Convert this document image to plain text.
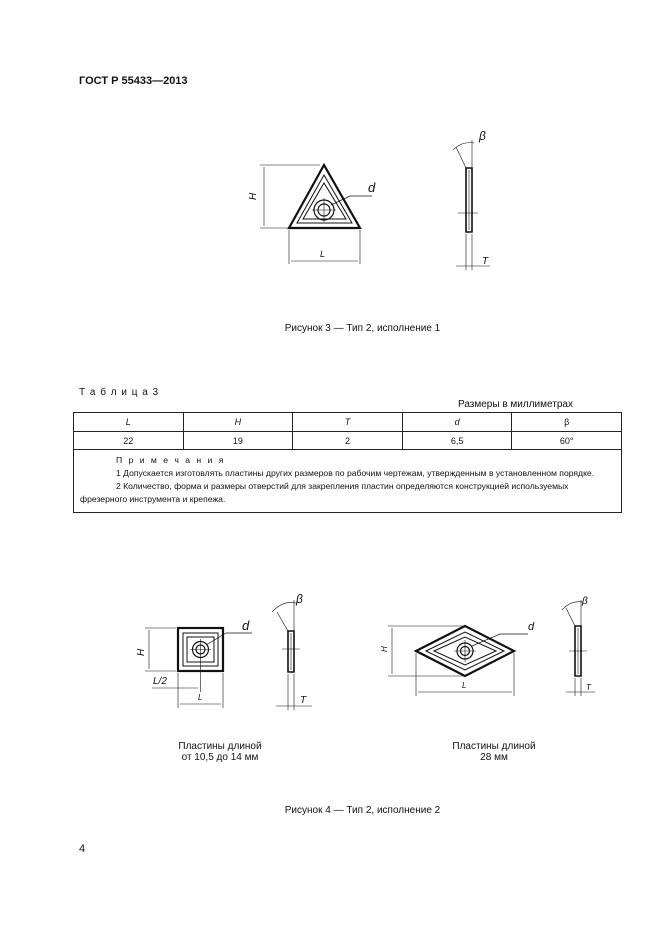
ГОСТ Р 55433—2013
H
L
d
β
T
Рисунок 3 — Тип 2, исполнение 1
Т а б л и ц а 3
Размеры в миллиметрах
L	H	T	d	β
22	19	2	6,5	60°

П р и м е ч а н и я
1 Допускается изготовлять пластины других размеров по рабочим чертежам, утвержденным в установленном порядке.
2 Количество, форма и размеры отверстий для закрепления пластин определяются конструкцией используемых фрезерного инструмента и крепежа.				
H
L/2
L
d
β
T
H
L
d
β
T
Пластины длиной
от 10,5 до 14 мм
Пластины длиной
28 мм
Рисунок 4 — Тип 2, исполнение 2
4
